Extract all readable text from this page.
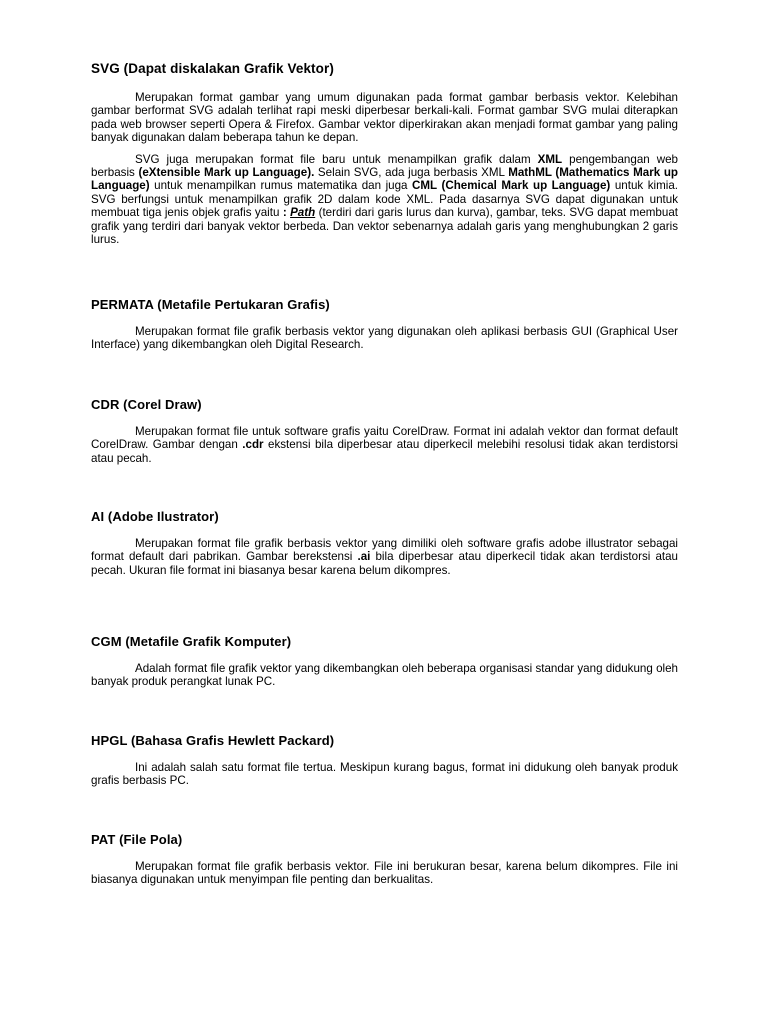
SVG (Dapat diskalakan Grafik Vektor)

Merupakan format gambar yang umum digunakan pada format gambar berbasis vektor. Kelebihan gambar berformat SVG adalah terlihat rapi meski diperbesar berkali-kali. Format gambar SVG mulai diterapkan pada web browser seperti Opera & Firefox. Gambar vektor diperkirakan akan menjadi format gambar yang paling banyak digunakan dalam beberapa tahun ke depan.

SVG juga merupakan format file baru untuk menampilkan grafik dalam XML pengembangan web berbasis (eXtensible Mark up Language). Selain SVG, ada juga berbasis XML MathML (Mathematics Mark up Language) untuk menampilkan rumus matematika dan juga CML (Chemical Mark up Language) untuk kimia. SVG berfungsi untuk menampilkan grafik 2D dalam kode XML. Pada dasarnya SVG dapat digunakan untuk membuat tiga jenis objek grafis yaitu : Path (terdiri dari garis lurus dan kurva), gambar, teks. SVG dapat membuat grafik yang terdiri dari banyak vektor berbeda. Dan vektor sebenarnya adalah garis yang menghubungkan 2 garis lurus.

PERMATA (Metafile Pertukaran Grafis)

Merupakan format file grafik berbasis vektor yang digunakan oleh aplikasi berbasis GUI (Graphical User Interface) yang dikembangkan oleh Digital Research.

CDR (Corel Draw)

Merupakan format file untuk software grafis yaitu CorelDraw. Format ini adalah vektor dan format default CorelDraw. Gambar dengan .cdr ekstensi bila diperbesar atau diperkecil melebihi resolusi tidak akan terdistorsi atau pecah.

AI (Adobe Ilustrator)

Merupakan format file grafik berbasis vektor yang dimiliki oleh software grafis adobe illustrator sebagai format default dari pabrikan. Gambar berekstensi .ai bila diperbesar atau diperkecil tidak akan terdistorsi atau pecah. Ukuran file format ini biasanya besar karena belum dikompres.

CGM (Metafile Grafik Komputer)

Adalah format file grafik vektor yang dikembangkan oleh beberapa organisasi standar yang didukung oleh banyak produk perangkat lunak PC.

HPGL (Bahasa Grafis Hewlett Packard)

Ini adalah salah satu format file tertua. Meskipun kurang bagus, format ini didukung oleh banyak produk grafis berbasis PC.

PAT (File Pola)

Merupakan format file grafik berbasis vektor. File ini berukuran besar, karena belum dikompres. File ini biasanya digunakan untuk menyimpan file penting dan berkualitas.
